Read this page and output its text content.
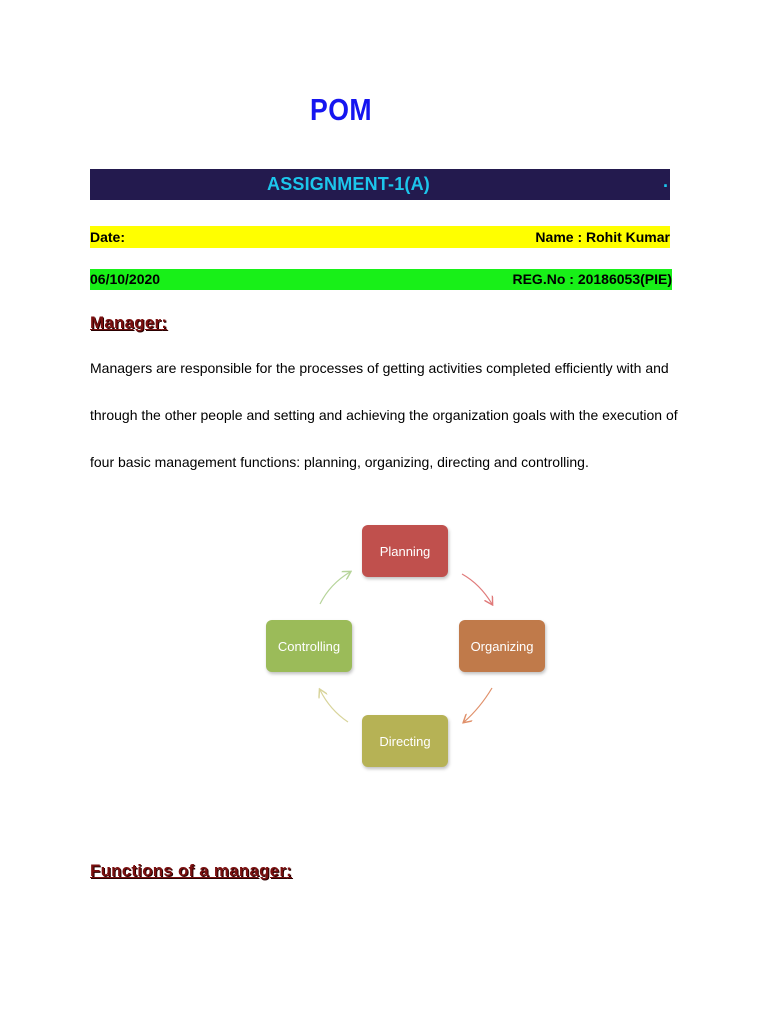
POM
ASSIGNMENT-1(A)	.
Date:	Name : Rohit Kumar
06/10/2020	REG.No : 20186053(PIE)
Manager:
Managers are responsible for the processes of getting activities completed efficiently with and
through the other people and setting and achieving the organization goals with the execution of
four basic management functions: planning, organizing, directing and controlling.
Planning
Organizing
Directing
Controlling
Functions of a manager:
